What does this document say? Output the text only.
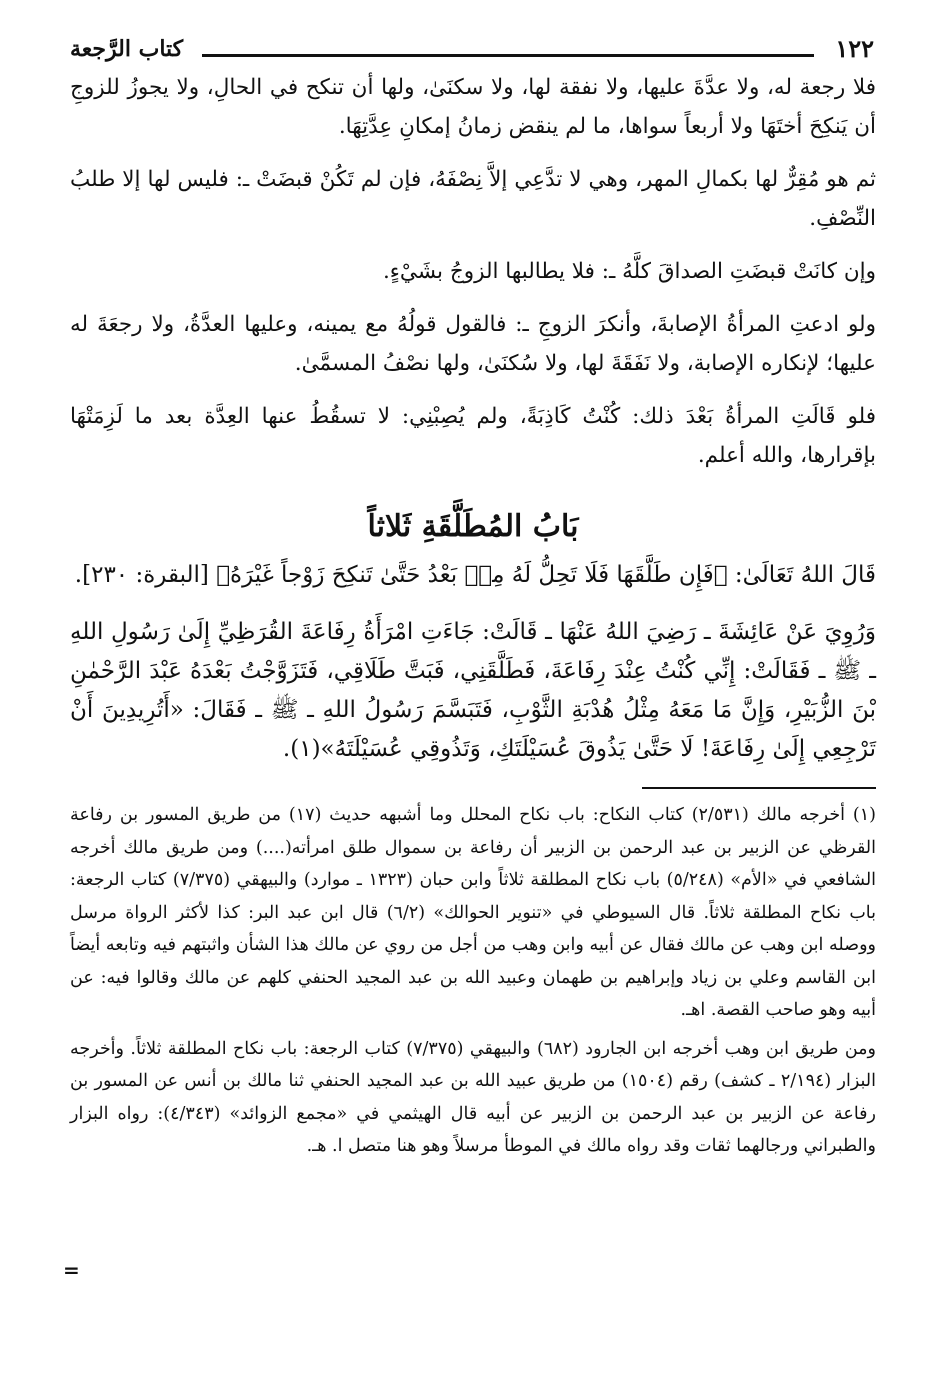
١٢٢
كتاب الرَّجعة

فلا رجعة له، ولا عدَّةَ عليها، ولا نفقة لها، ولا سكنَىٰ، ولها أن تنكح في الحالِ، ولا يجوزُ للزوجِ أن يَنكِحَ أختَهَا ولا أربعاً سواها، ما لم ينقض زمانُ إمكانِ عِدَّتِهَا.

ثم هو مُقِرٌّ لها بكمالِ المهر، وهي لا تدَّعِي إلاَّ نِصْفَهُ، فإن لم تَكُنْ قبضَتْ ـ: فليس لها إلا طلبُ النِّصْفِ.

وإن كانَتْ قبضَتِ الصداقَ كلَّهُ ـ: فلا يطالبها الزوجُ بشَيْءٍ.

ولو ادعتِ المرأةُ الإصابةَ، وأنكرَ الزوجِ ـ: فالقول قولُهُ مع يمينه، وعليها العدَّةُ، ولا رجعَةَ له عليها؛ لإنكاره الإصابة، ولا نَفَقَةَ لها، ولا سُكنَىٰ، ولها نصْفُ المسمَّىٰ.

فلو قَالَتِ المرأةُ بَعْدَ ذلك: كُنْتُ كَاذِبَةً، ولم يُصِبْنِي: لا تسقُطُ عنها العِدَّة بعد ما لَزِمَتْهَا بإقرارها، والله أعلم.

بَابُ المُطَلَّقَةِ ثَلاثاً

قَالَ اللهُ تَعَالَىٰ: ﴿فَإِن طَلَّقَهَا فَلَا تَحِلُّ لَهُ مِنۢ بَعْدُ حَتَّىٰ تَنكِحَ زَوْجاً غَيْرَهُ﴾ [البقرة: ٢٣٠].

وَرُوِيَ عَنْ عَائِشَةَ ـ رَضِيَ اللهُ عَنْهَا ـ قَالَتْ: جَاءَتِ امْرَأَةُ رِفَاعَةَ القُرَظِيِّ إِلَىٰ رَسُولِ اللهِ ـ ﷺ ـ فَقَالَتْ: إِنِّي كُنْتُ عِنْدَ رِفَاعَةَ، فَطَلَّقَنِي، فَبَتَّ طَلَاقِي، فَتَزَوَّجْتُ بَعْدَهُ عَبْدَ الرَّحْمٰنِ بْنَ الزُّبَيْرِ، وَإِنَّ مَا مَعَهُ مِثْلُ هُدْبَةِ الثَّوْبِ، فَتَبَسَّمَ رَسُولُ اللهِ ـ ﷺ ـ فَقَالَ: «أَتُرِيدِينَ أَنْ تَرْجِعِي إِلَىٰ رِفَاعَةَ! لَا حَتَّىٰ يَذُوقَ عُسَيْلَتَكِ، وَتَذُوقِي عُسَيْلَتَهُ»(١).

(١) أخرجه مالك (٢/٥٣١) كتاب النكاح: باب نكاح المحلل وما أشبهه حديث (١٧) من طريق المسور بن رفاعة القرظي عن الزبير بن عبد الرحمن بن الزبير أن رفاعة بن سموال طلق امرأته(....) ومن طريق مالك أخرجه الشافعي في «الأم» (٥/٢٤٨) باب نكاح المطلقة ثلاثاً وابن حبان (١٣٢٣ ـ موارد) والبيهقي (٧/٣٧٥) كتاب الرجعة: باب نكاح المطلقة ثلاثاً. قال السيوطي في «تنوير الحوالك» (٦/٢) قال ابن عبد البر: كذا لأكثر الرواة مرسل ووصله ابن وهب عن مالك فقال عن أبيه وابن وهب من أجل من روي عن مالك هذا الشأن واثبتهم فيه وتابعه أيضاً ابن القاسم وعلي بن زياد وإبراهيم بن طهمان وعبيد الله بن عبد المجيد الحنفي كلهم عن مالك وقالوا فيه: عن أبيه وهو صاحب القصة. اهـ.

ومن طريق ابن وهب أخرجه ابن الجارود (٦٨٢) والبيهقي (٧/٣٧٥) كتاب الرجعة: باب نكاح المطلقة ثلاثاً. وأخرجه البزار (٢/١٩٤ ـ كشف) رقم (١٥٠٤) من طريق عبيد الله بن عبد المجيد الحنفي ثنا مالك بن أنس عن المسور بن رفاعة عن الزبير بن عبد الرحمن بن الزبير عن أبيه قال الهيثمي في «مجمع الزوائد» (٤/٣٤٣): رواه البزار والطبراني ورجالهما ثقات وقد رواه مالك في الموطأ مرسلاً وهو هنا متصل ا. هـ.

=
